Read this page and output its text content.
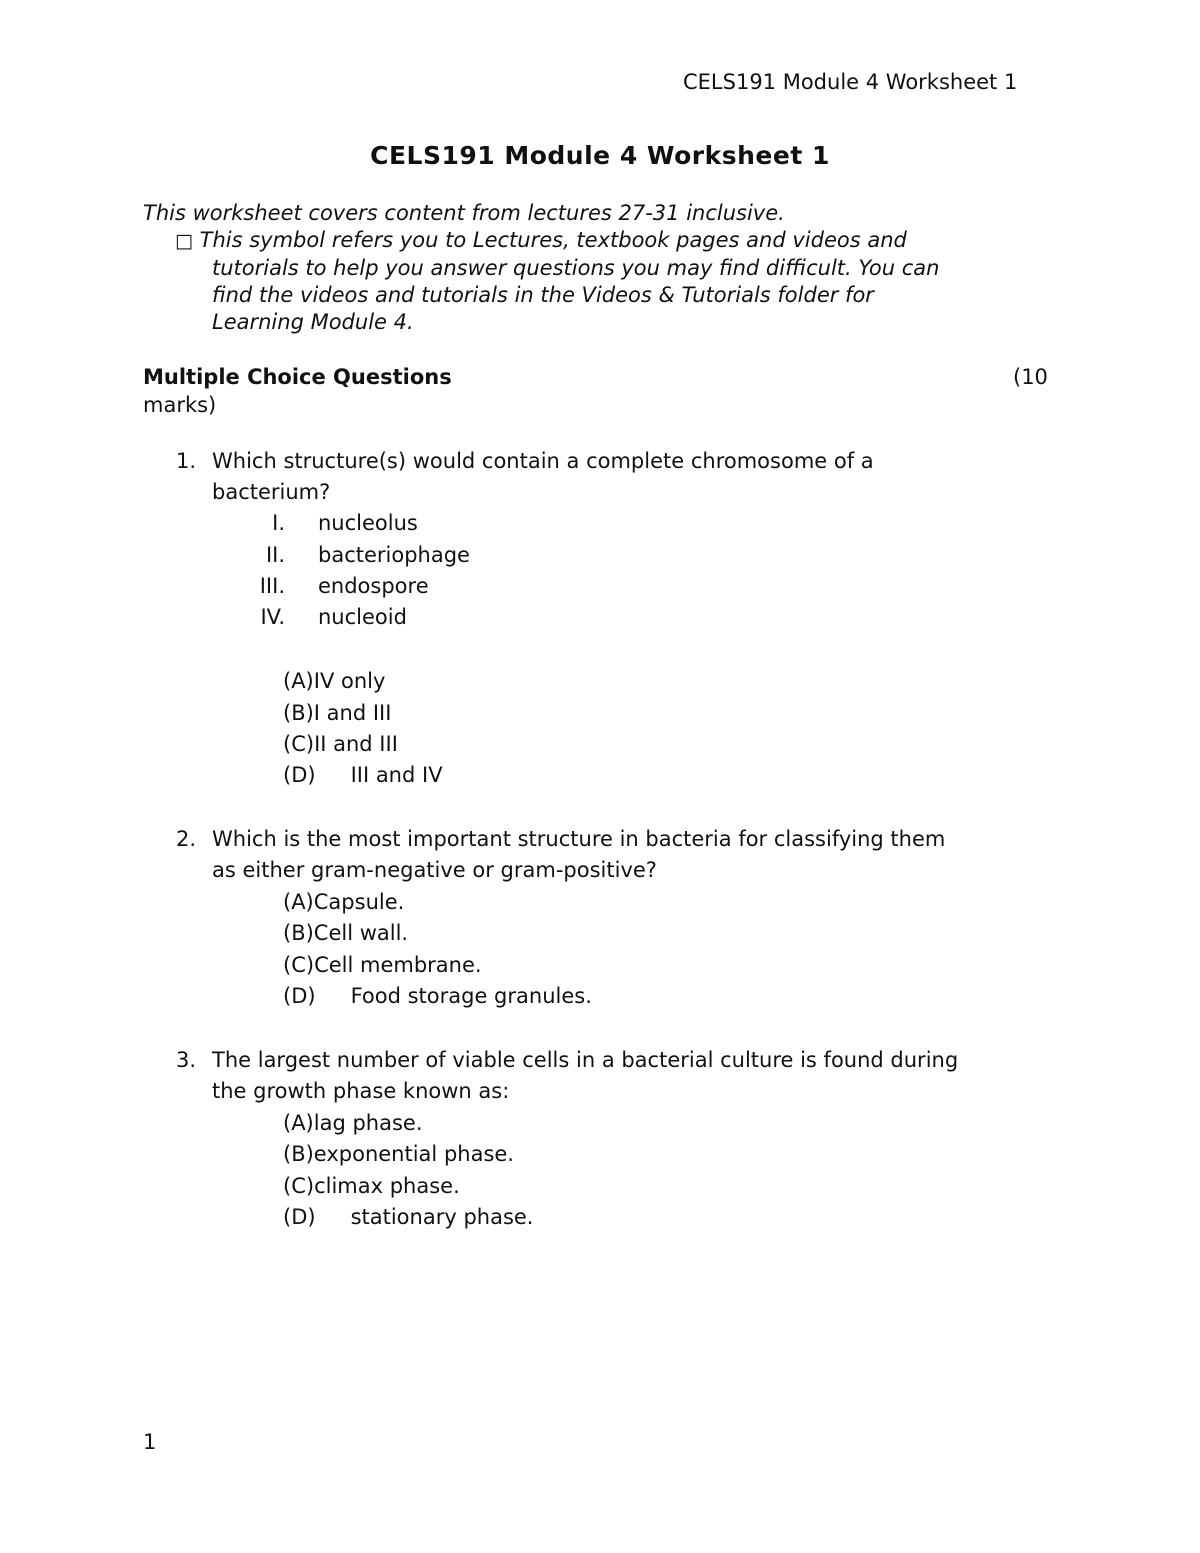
CELS191 Module 4 Worksheet 1
CELS191 Module 4 Worksheet 1
This worksheet covers content from lectures 27-31 inclusive.
□ This symbol refers you to Lectures, textbook pages and videos and
tutorials to help you answer questions you may find difficult. You can
find the videos and tutorials in the Videos & Tutorials folder for
Learning Module 4.
Multiple Choice Questions	(10
marks)
1. Which structure(s) would contain a complete chromosome of a
bacterium?
I. nucleolus
II. bacteriophage
III. endospore
IV. nucleoid
(A)IV only
(B)I and III
(C)II and III
(D) III and IV
2. Which is the most important structure in bacteria for classifying them
as either gram-negative or gram-positive?
(A)Capsule.
(B)Cell wall.
(C)Cell membrane.
(D) Food storage granules.
3. The largest number of viable cells in a bacterial culture is found during
the growth phase known as:
(A)lag phase.
(B)exponential phase.
(C)climax phase.
(D) stationary phase.
1
